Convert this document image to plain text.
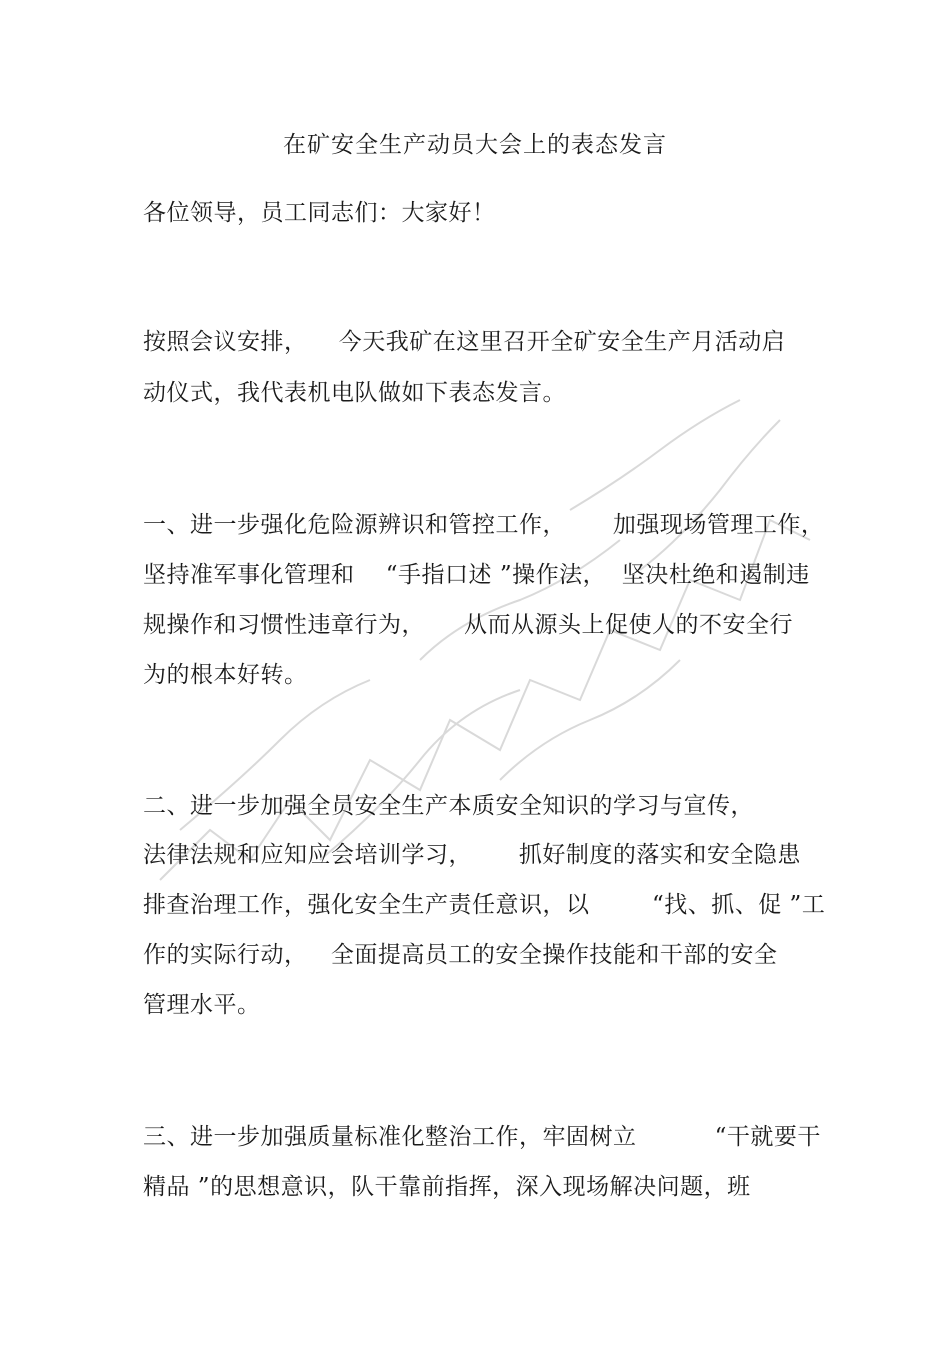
在矿安全生产动员大会上的表态发言
各位领导，员工同志们：大家好！
按照会议安排，    今天我矿在这里召开全矿安全生产月活动启
动仪式，我代表机电队做如下表态发言。
一、进一步强化危险源辨识和管控工作，      加强现场管理工作，
坚持准军事化管理和    “手指口述 ”操作法，  坚决杜绝和遏制违
规操作和习惯性违章行为，     从而从源头上促使人的不安全行
为的根本好转。
二、进一步加强全员安全生产本质安全知识的学习与宣传，
法律法规和应知应会培训学习，      抓好制度的落实和安全隐患
排查治理工作，强化安全生产责任意识，以        “找、抓、促 ”工
作的实际行动，   全面提高员工的安全操作技能和干部的安全
管理水平。
三、进一步加强质量标准化整治工作，牢固树立          “干就要干
精品 ”的思想意识，队干靠前指挥，深入现场解决问题，班
